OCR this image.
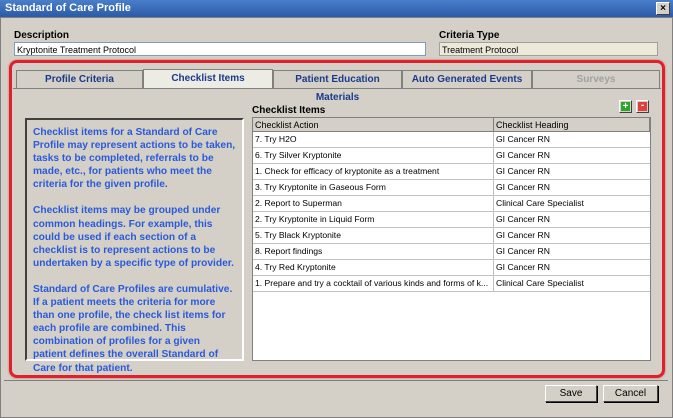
Standard of Care Profile	×
Description
Kryptonite Treatment Protocol
Criteria Type
Treatment Protocol
Profile Criteria	Checklist Items	Patient Education Materials
Auto Generated Events	Surveys

Checklist items for a Standard of Care Profile may represent actions to be taken, tasks to be completed, referrals to be made, etc., for patients who meet the criteria for the given profile.

Checklist items may be grouped under common headings. For example, this could be used if each section of a checklist is to represent actions to be undertaken by a specific type of provider.

Standard of Care Profiles are cumulative. If a patient meets the criteria for more than one profile, the check list items for each profile are combined. This combination of profiles for a given patient defines the overall Standard of Care for that patient.

Checklist Items	+ -
Checklist Action	Checklist Heading
7. Try H2O	GI Cancer RN
6. Try Silver Kryptonite	GI Cancer RN
1. Check for efficacy of kryptonite as a treatment	GI Cancer RN
3. Try Kryptonite in Gaseous Form	GI Cancer RN
2. Report to Superman	Clinical Care Specialist
2. Try Kryptonite in Liquid Form	GI Cancer RN
5. Try Black Kryptonite	GI Cancer RN
8. Report findings	GI Cancer RN
4. Try Red Kryptonite	GI Cancer RN
1. Prepare and try a cocktail of various kinds and forms of k... Clinical Care Specialist
Save	Cancel
